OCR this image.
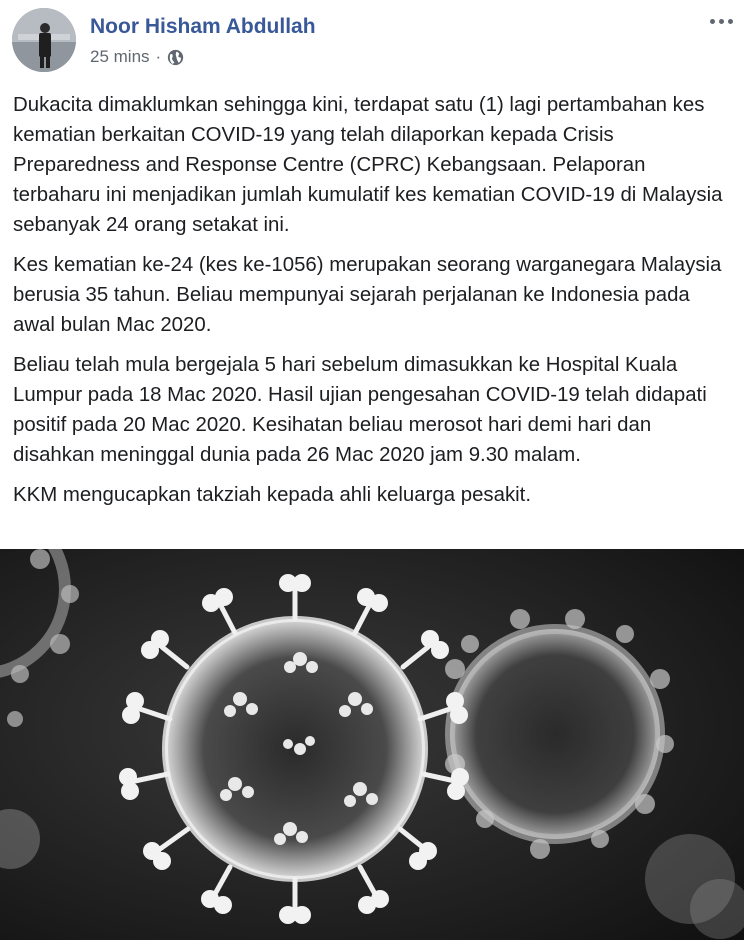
Noor Hisham Abdullah
25 mins ·

Dukacita dimaklumkan sehingga kini, terdapat satu (1) lagi pertambahan kes kematian berkaitan COVID-19 yang telah dilaporkan kepada Crisis Preparedness and Response Centre (CPRC) Kebangsaan. Pelaporan terbaharu ini menjadikan jumlah kumulatif kes kematian COVID-19 di Malaysia sebanyak 24 orang setakat ini.

Kes kematian ke-24 (kes ke-1056) merupakan seorang warganegara Malaysia berusia 35 tahun. Beliau mempunyai sejarah perjalanan ke Indonesia pada awal bulan Mac 2020.

Beliau telah mula bergejala 5 hari sebelum dimasukkan ke Hospital Kuala Lumpur pada 18 Mac 2020. Hasil ujian pengesahan COVID-19 telah didapati positif pada 20 Mac 2020. Kesihatan beliau merosot hari demi hari dan disahkan meninggal dunia pada 26 Mac 2020 jam 9.30 malam.

KKM mengucapkan takziah kepada ahli keluarga pesakit.
